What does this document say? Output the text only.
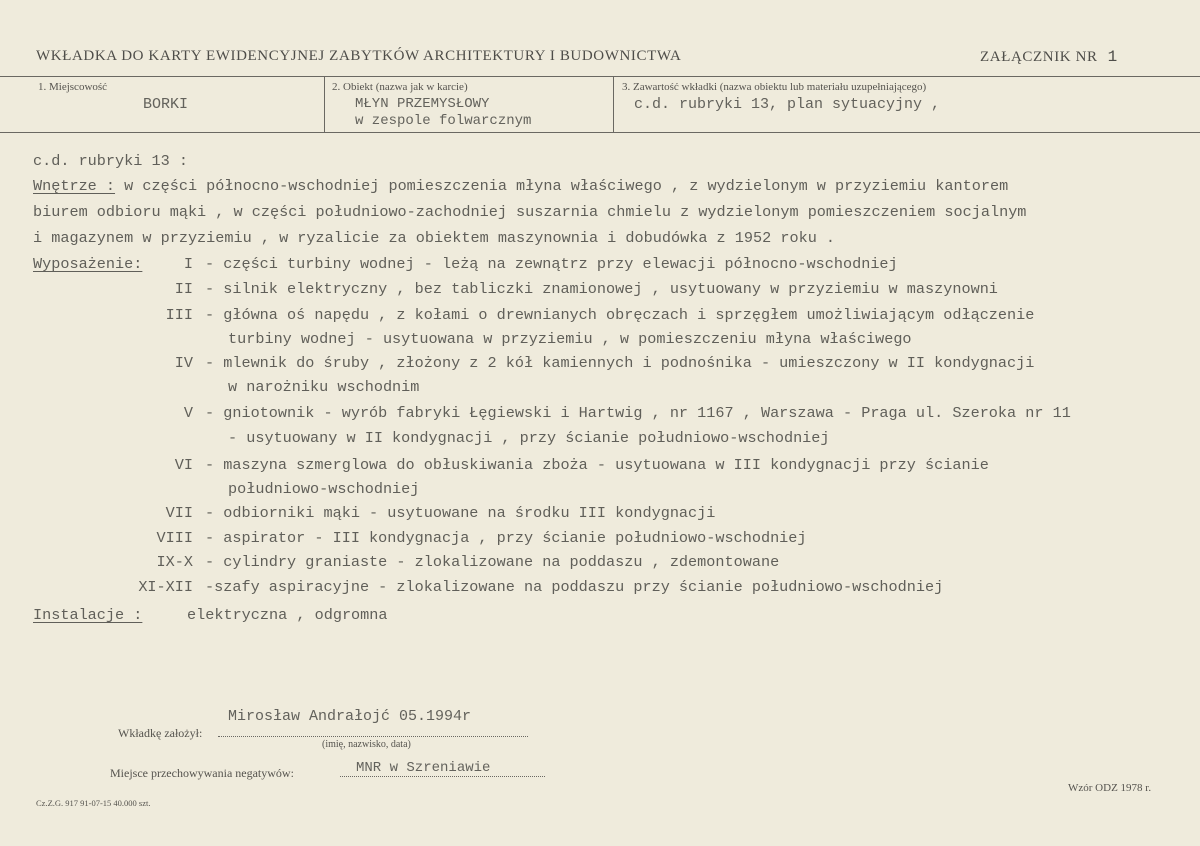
WKŁADKA DO KARTY EWIDENCYJNEJ ZABYTKÓW ARCHITEKTURY I BUDOWNICTWA	ZAŁĄCZNIK NR 1
1. Miejscowość
BORKI
2. Obiekt (nazwa jak w karcie)
MŁYN PRZEMYSŁOWY
w zespole folwarcznym
3. Zawartość wkładki (nazwa obiektu lub materiału uzupełniającego)
c.d. rubryki 13, plan sytuacyjny ,
c.d. rubryki 13 :
Wnętrze : w części północno-wschodniej pomieszczenia młyna właściwego , z wydzielonym w przyziemiu kantorem
biurem odbioru mąki , w części południowo-zachodniej suszarnia chmielu z wydzielonym pomieszczeniem socjalnym
i magazynem w przyziemiu , w ryzalicie za obiektem maszynownia i dobudówka z 1952 roku .
Wyposażenie:	I - części turbiny wodnej - leżą na zewnątrz przy elewacji północno-wschodniej
II - silnik elektryczny , bez tabliczki znamionowej , usytuowany w przyziemiu w maszynowni
III - główna oś napędu , z kołami o drewnianych obręczach i sprzęgłem umożliwiającym odłączenie
turbiny wodnej - usytuowana w przyziemiu , w pomieszczeniu młyna właściwego
IV - mlewnik do śruby , złożony z 2 kół kamiennych i podnośnika - umieszczony w II kondygnacji
w narożniku wschodnim
V - gniotownik - wyrób fabryki Łęgiewski i Hartwig , nr 1167 , Warszawa - Praga ul. Szeroka nr 11
- usytuowany w II kondygnacji , przy ścianie południowo-wschodniej
VI - maszyna szmerglowa do obłuskiwania zboża - usytuowana w III kondygnacji przy ścianie
południowo-wschodniej
VII - odbiorniki mąki - usytuowane na środku III kondygnacji
VIII - aspirator - III kondygnacja , przy ścianie południowo-wschodniej
IX-X - cylindry graniaste - zlokalizowane na poddaszu , zdemontowane
XI-XII -szafy aspiracyjne - zlokalizowane na poddaszu przy ścianie południowo-wschodniej
Instalacje :	elektryczna , odgromna
Wkładkę założył:
Mirosław Andrałojć 05.1994r
(imię, nazwisko, data)
Miejsce przechowywania negatywów:	MNR w Szreniawie
Cz.Z.G. 917 91-07-15 40.000 szt.
Wzór ODZ 1978 r.
